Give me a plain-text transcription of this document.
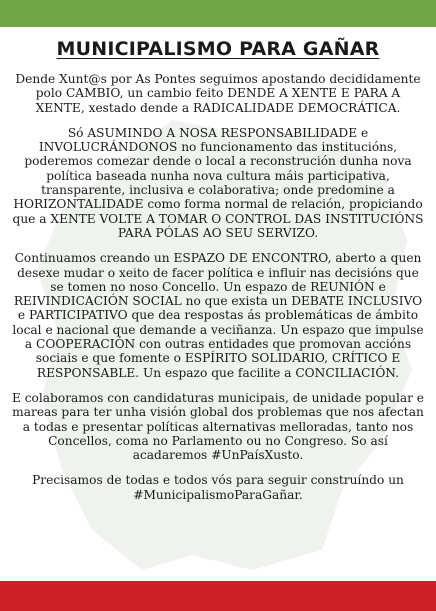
MUNICIPALISMO PARA GAÑAR

Dende Xunt@s por As Pontes seguimos apostando decididamente polo CAMBIO, un cambio feito DENDE A XENTE E PARA A XENTE, xestado dende a RADICALIDADE DEMOCRÁTICA.

Só ASUMINDO A NOSA RESPONSABILIDADE e INVOLUCRÁNDONOS no funcionamento das institucións, poderemos comezar dende o local a reconstrución dunha nova política baseada nunha nova cultura máis participativa, transparente, inclusiva e colaborativa; onde predomine a HORIZONTALIDADE como forma normal de relación, propiciando que a XENTE VOLTE A TOMAR O CONTROL DAS INSTITUCIÓNS PARA PÓLAS AO SEU SERVIZO.

Continuamos creando un ESPAZO DE ENCONTRO, aberto a quen desexe mudar o xeito de facer política e influir nas decisións que se tomen no noso Concello. Un espazo de REUNIÓN e REIVINDICACIÓN SOCIAL no que exista un DEBATE INCLUSIVO e PARTICIPATIVO que dea respostas ás problemáticas de ámbito local e nacional que demande a veciñanza. Un espazo que impulse a COOPERACIÓN con outras entidades que promovan accións sociais e que fomente o ESPÍRITO SOLIDARIO, CRÍTICO E RESPONSABLE. Un espazo que facilite a CONCILIACIÓN.

E colaboramos con candidaturas municipais, de unidade popular e mareas para ter unha visión global dos problemas que nos afectan a todas e presentar políticas alternativas melloradas, tanto nos Concellos, coma no Parlamento ou no Congreso. So así acadaremos #UnPaísXusto.

Precisamos de todas e todos vós para seguir construíndo un #MunicipalismoParaGañar.
